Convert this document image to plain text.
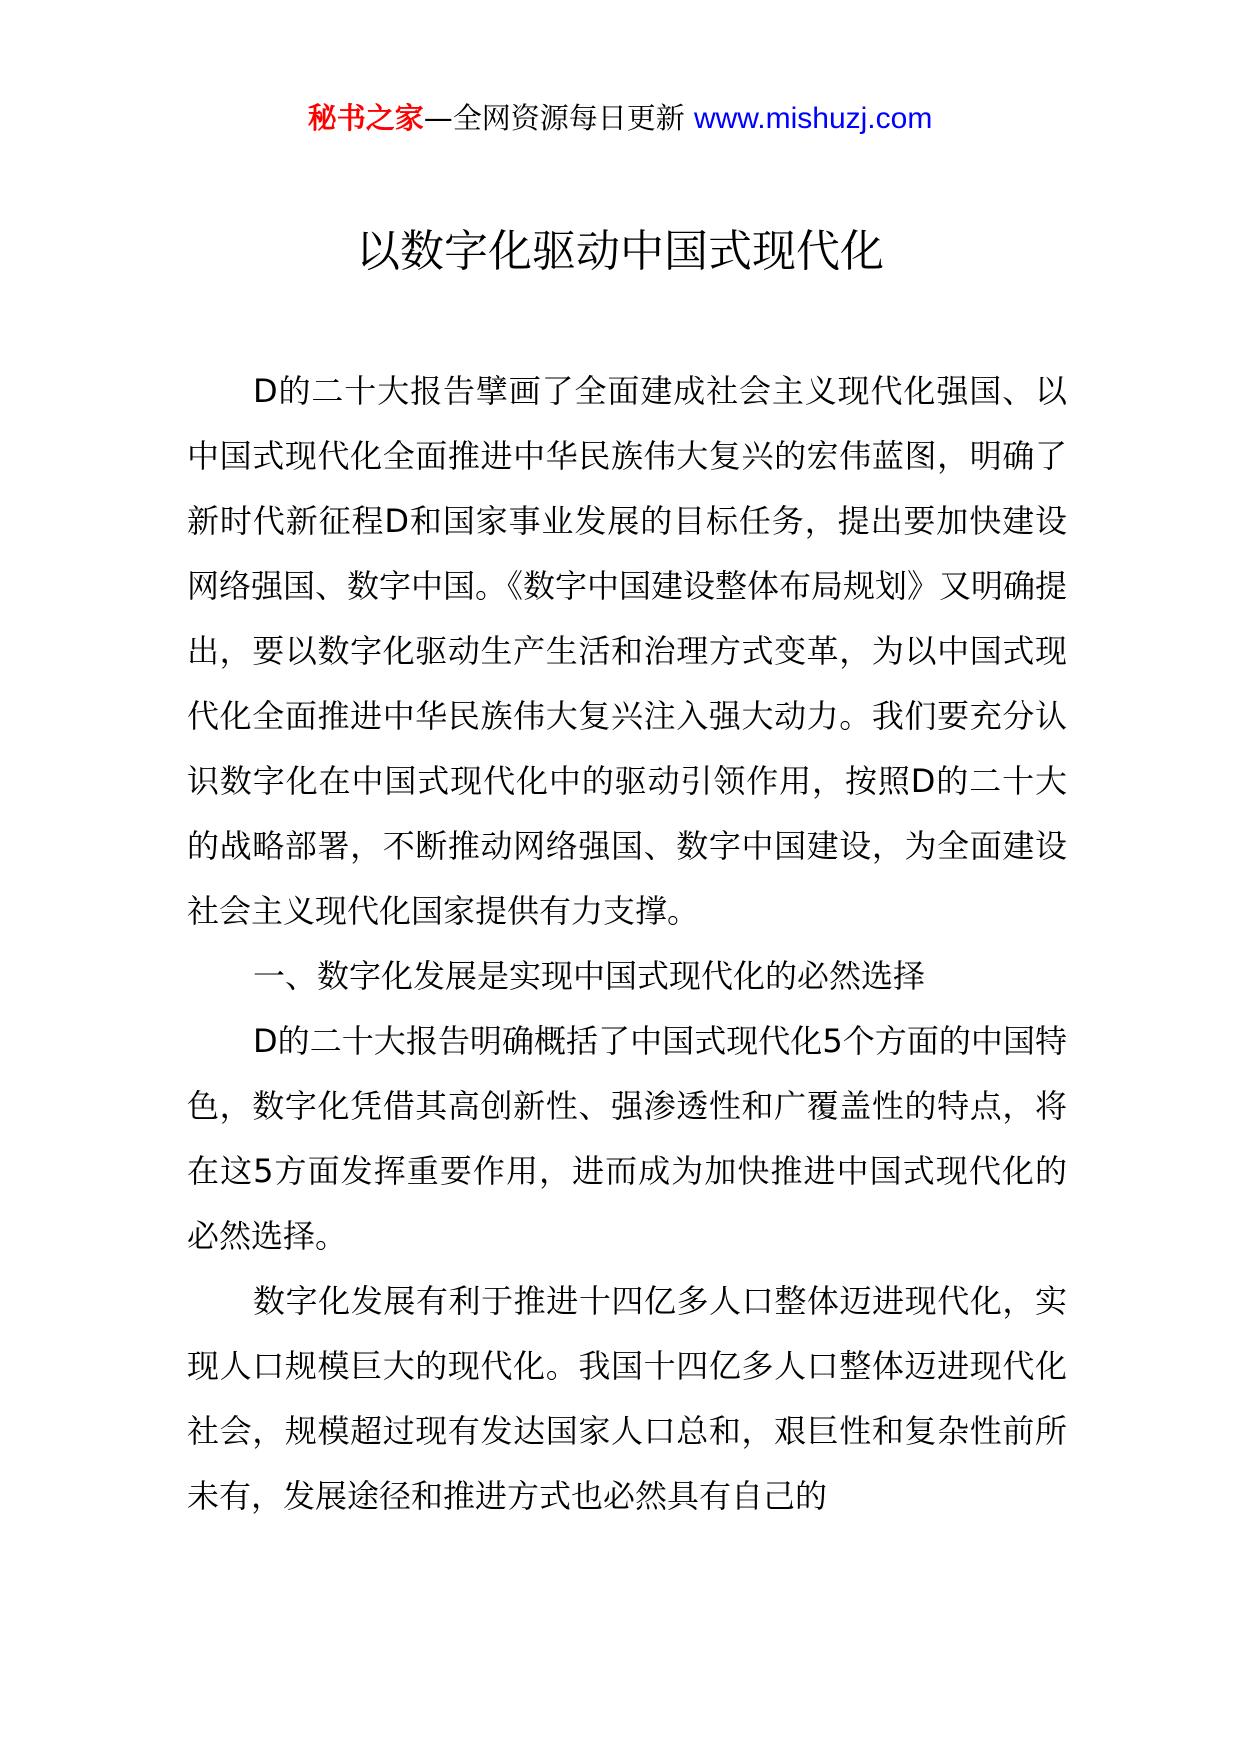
秘书之家—全网资源每日更新 www.mishuzj.com
以数字化驱动中国式现代化

D的二十大报告擘画了全面建成社会主义现代化强国、以中国式现代化全面推进中华民族伟大复兴的宏伟蓝图，明确了新时代新征程D和国家事业发展的目标任务，提出要加快建设网络强国、数字中国。《数字中国建设整体布局规划》又明确提出，要以数字化驱动生产生活和治理方式变革，为以中国式现代化全面推进中华民族伟大复兴注入强大动力。我们要充分认识数字化在中国式现代化中的驱动引领作用，按照D的二十大的战略部署，不断推动网络强国、数字中国建设，为全面建设社会主义现代化国家提供有力支撑。

一、数字化发展是实现中国式现代化的必然选择

D的二十大报告明确概括了中国式现代化5个方面的中国特色，数字化凭借其高创新性、强渗透性和广覆盖性的特点，将在这5方面发挥重要作用，进而成为加快推进中国式现代化的必然选择。

数字化发展有利于推进十四亿多人口整体迈进现代化，实现人口规模巨大的现代化。我国十四亿多人口整体迈进现代化社会，规模超过现有发达国家人口总和，艰巨性和复杂性前所未有，发展途径和推进方式也必然具有自己的
